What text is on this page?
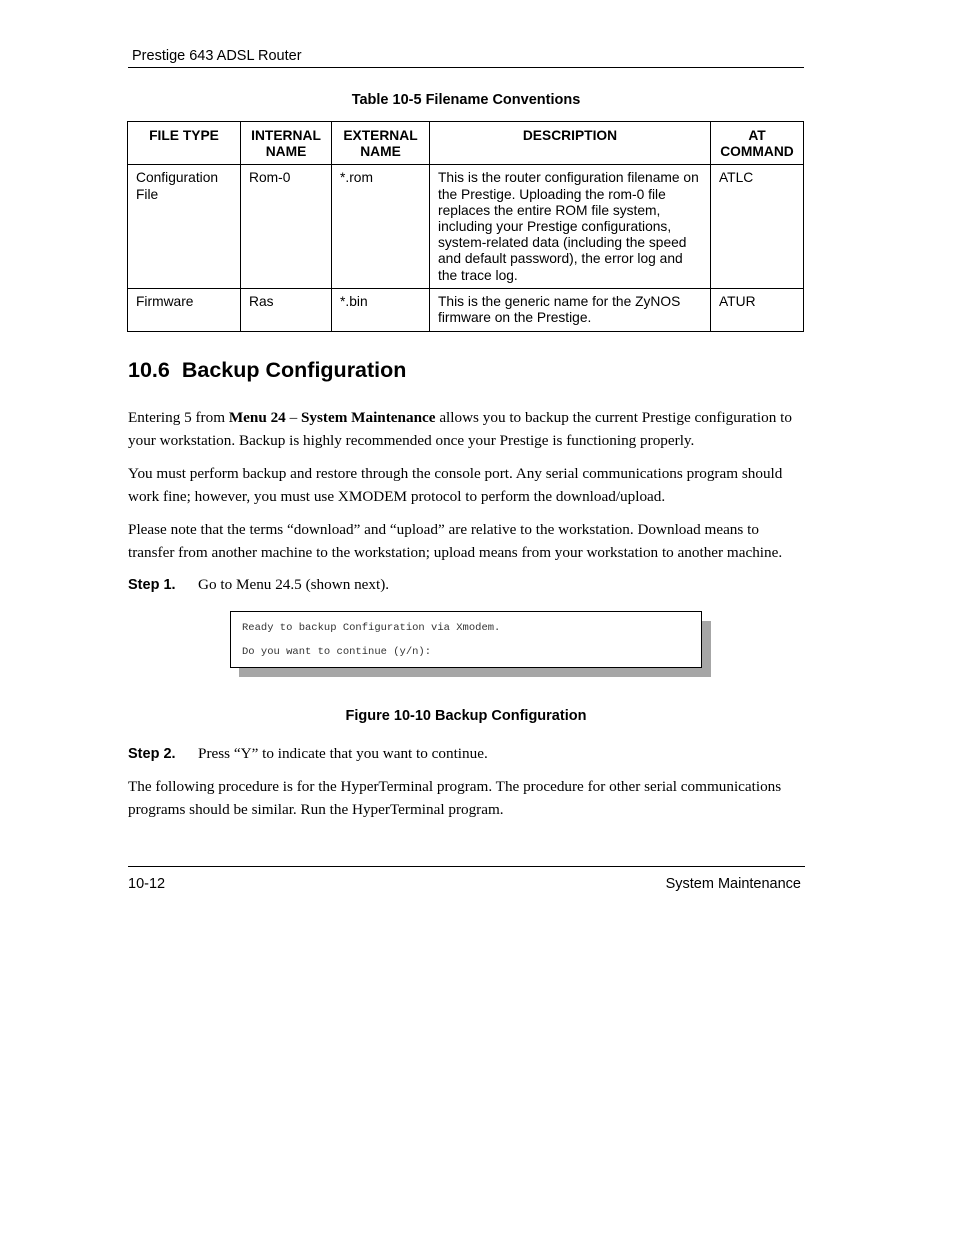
Prestige 643 ADSL Router
Table 10-5 Filename Conventions
FILE TYPE	INTERNAL NAME	EXTERNAL NAME	DESCRIPTION	AT COMMAND
Configuration File	Rom-0	*.rom	This is the router configuration filename on the Prestige. Uploading the rom-0 file replaces the entire ROM file system, including your Prestige configurations, system-related data (including the speed and default password), the error log and the trace log.	ATLC
Firmware	Ras	*.bin	This is the generic name for the ZyNOS firmware on the Prestige.	ATUR
10.6 Backup Configuration
Entering 5 from Menu 24 – System Maintenance allows you to backup the current Prestige configuration to your workstation. Backup is highly recommended once your Prestige is functioning properly.
You must perform backup and restore through the console port. Any serial communications program should work fine; however, you must use XMODEM protocol to perform the download/upload.
Please note that the terms “download” and “upload” are relative to the workstation. Download means to transfer from another machine to the workstation; upload means from your workstation to another machine.
Step 1. Go to Menu 24.5 (shown next).
Ready to backup Configuration via Xmodem.
Do you want to continue (y/n):
Figure 10-10 Backup Configuration
Step 2. Press “Y” to indicate that you want to continue.
The following procedure is for the HyperTerminal program. The procedure for other serial communications programs should be similar. Run the HyperTerminal program.
10-12	System Maintenance
